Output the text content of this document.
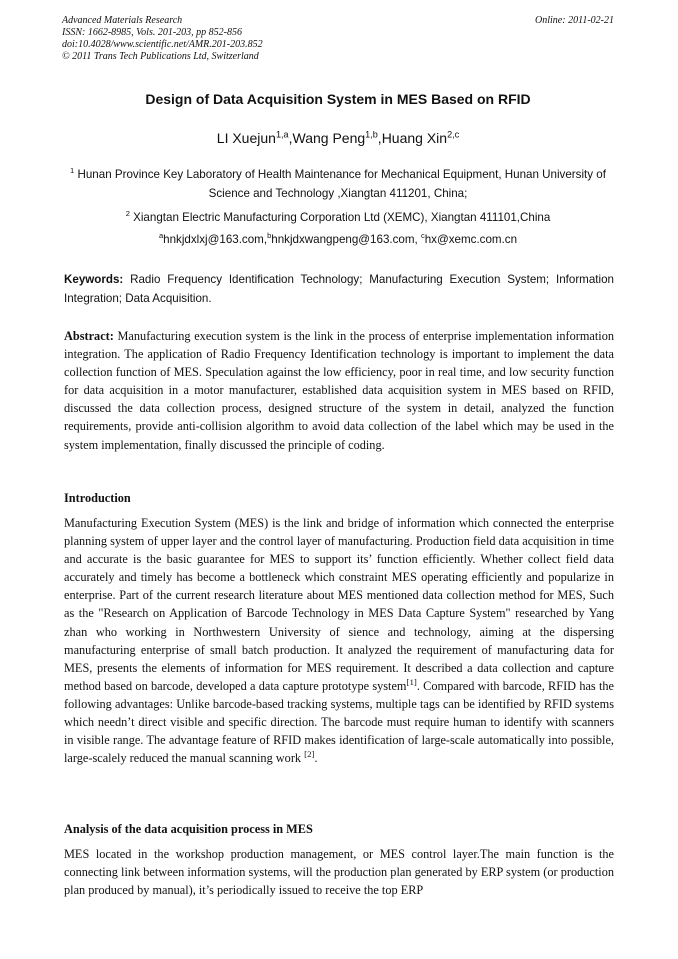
Advanced Materials Research
ISSN: 1662-8985, Vols. 201-203, pp 852-856
doi:10.4028/www.scientific.net/AMR.201-203.852
© 2011 Trans Tech Publications Ltd, Switzerland
Online: 2011-02-21
Design of Data Acquisition System in MES Based on RFID
LI Xuejun$^{1,a}$,Wang Peng$^{1,b}$,Huang Xin$^{2,c}$
$^1$ Hunan Province Key Laboratory of Health Maintenance for Mechanical Equipment, Hunan University of Science and Technology ,Xiangtan 411201, China;
$^2$ Xiangtan Electric Manufacturing Corporation Ltd (XEMC), Xiangtan 411101,China
$^a$hnkjdxlxj@163.com,$^b$hnkjdxwangpeng@163.com, $^c$hx@xemc.com.cn
Keywords: Radio Frequency Identification Technology; Manufacturing Execution System; Information Integration; Data Acquisition.
Abstract: Manufacturing execution system is the link in the process of enterprise implementation information integration. The application of Radio Frequency Identification technology is important to implement the data collection function of MES. Speculation against the low efficiency, poor in real time, and low security function for data acquisition in a motor manufacturer, established data acquisition system in MES based on RFID, discussed the data collection process, designed structure of the system in detail, analyzed the function requirements, provide anti-collision algorithm to avoid data collection of the label which may be used in the system implementation, finally discussed the principle of coding.
Introduction
Manufacturing Execution System (MES) is the link and bridge of information which connected the enterprise planning system of upper layer and the control layer of manufacturing. Production field data acquisition in time and accurate is the basic guarantee for MES to support its’ function efficiently. Whether collect field data accurately and timely has become a bottleneck which constraint MES operating efficiently and popularize in enterprise. Part of the current research literature about MES mentioned data collection method for MES, Such as the "Research on Application of Barcode Technology in MES Data Capture System" researched by Yang zhan who working in Northwestern University of sience and technology, aiming at the dispersing manufacturing enterprise of small batch production. It analyzed the requirement of manufacturing data for MES, presents the elements of information for MES requirement. It described a data collection and capture method based on barcode, developed a data capture prototype system[1]. Compared with barcode, RFID has the following advantages: Unlike barcode-based tracking systems, multiple tags can be identified by RFID systems which needn’t direct visible and specific direction. The barcode must require human to identify with scanners in visible range. The advantage feature of RFID makes identification of large-scale automatically into possible, large-scalely reduced the manual scanning work [2].
Analysis of the data acquisition process in MES
MES located in the workshop production management, or MES control layer.The main function is the connecting link between information systems, will the production plan generated by ERP system (or production plan produced by manual), it’s periodically issued to receive the top ERP
